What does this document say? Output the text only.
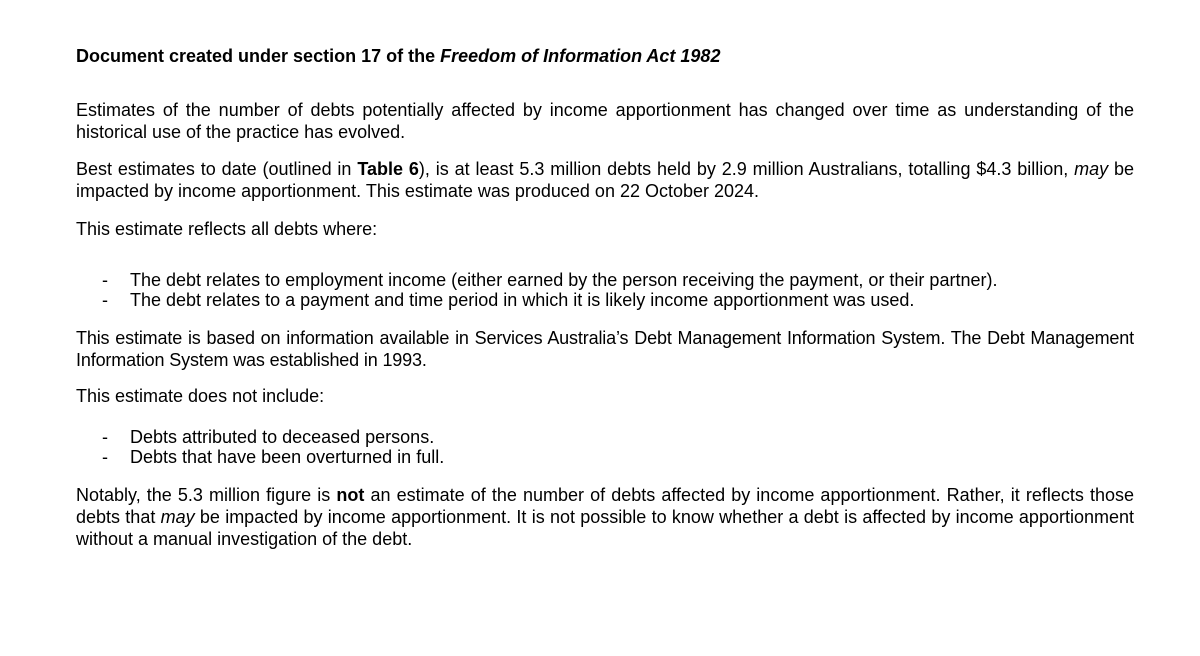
Document created under section 17 of the Freedom of Information Act 1982

Estimates of the number of debts potentially affected by income apportionment has changed over time as understanding of the historical use of the practice has evolved.

Best estimates to date (outlined in Table 6), is at least 5.3 million debts held by 2.9 million Australians, totalling $4.3 billion, may be impacted by income apportionment. This estimate was produced on 22 October 2024.

This estimate reflects all debts where:

- The debt relates to employment income (either earned by the person receiving the payment, or their partner).
- The debt relates to a payment and time period in which it is likely income apportionment was used.

This estimate is based on information available in Services Australia’s Debt Management Information System. The Debt Management Information System was established in 1993.

This estimate does not include:

- Debts attributed to deceased persons.
- Debts that have been overturned in full.

Notably, the 5.3 million figure is not an estimate of the number of debts affected by income apportionment. Rather, it reflects those debts that may be impacted by income apportionment. It is not possible to know whether a debt is affected by income apportionment without a manual investigation of the debt.
